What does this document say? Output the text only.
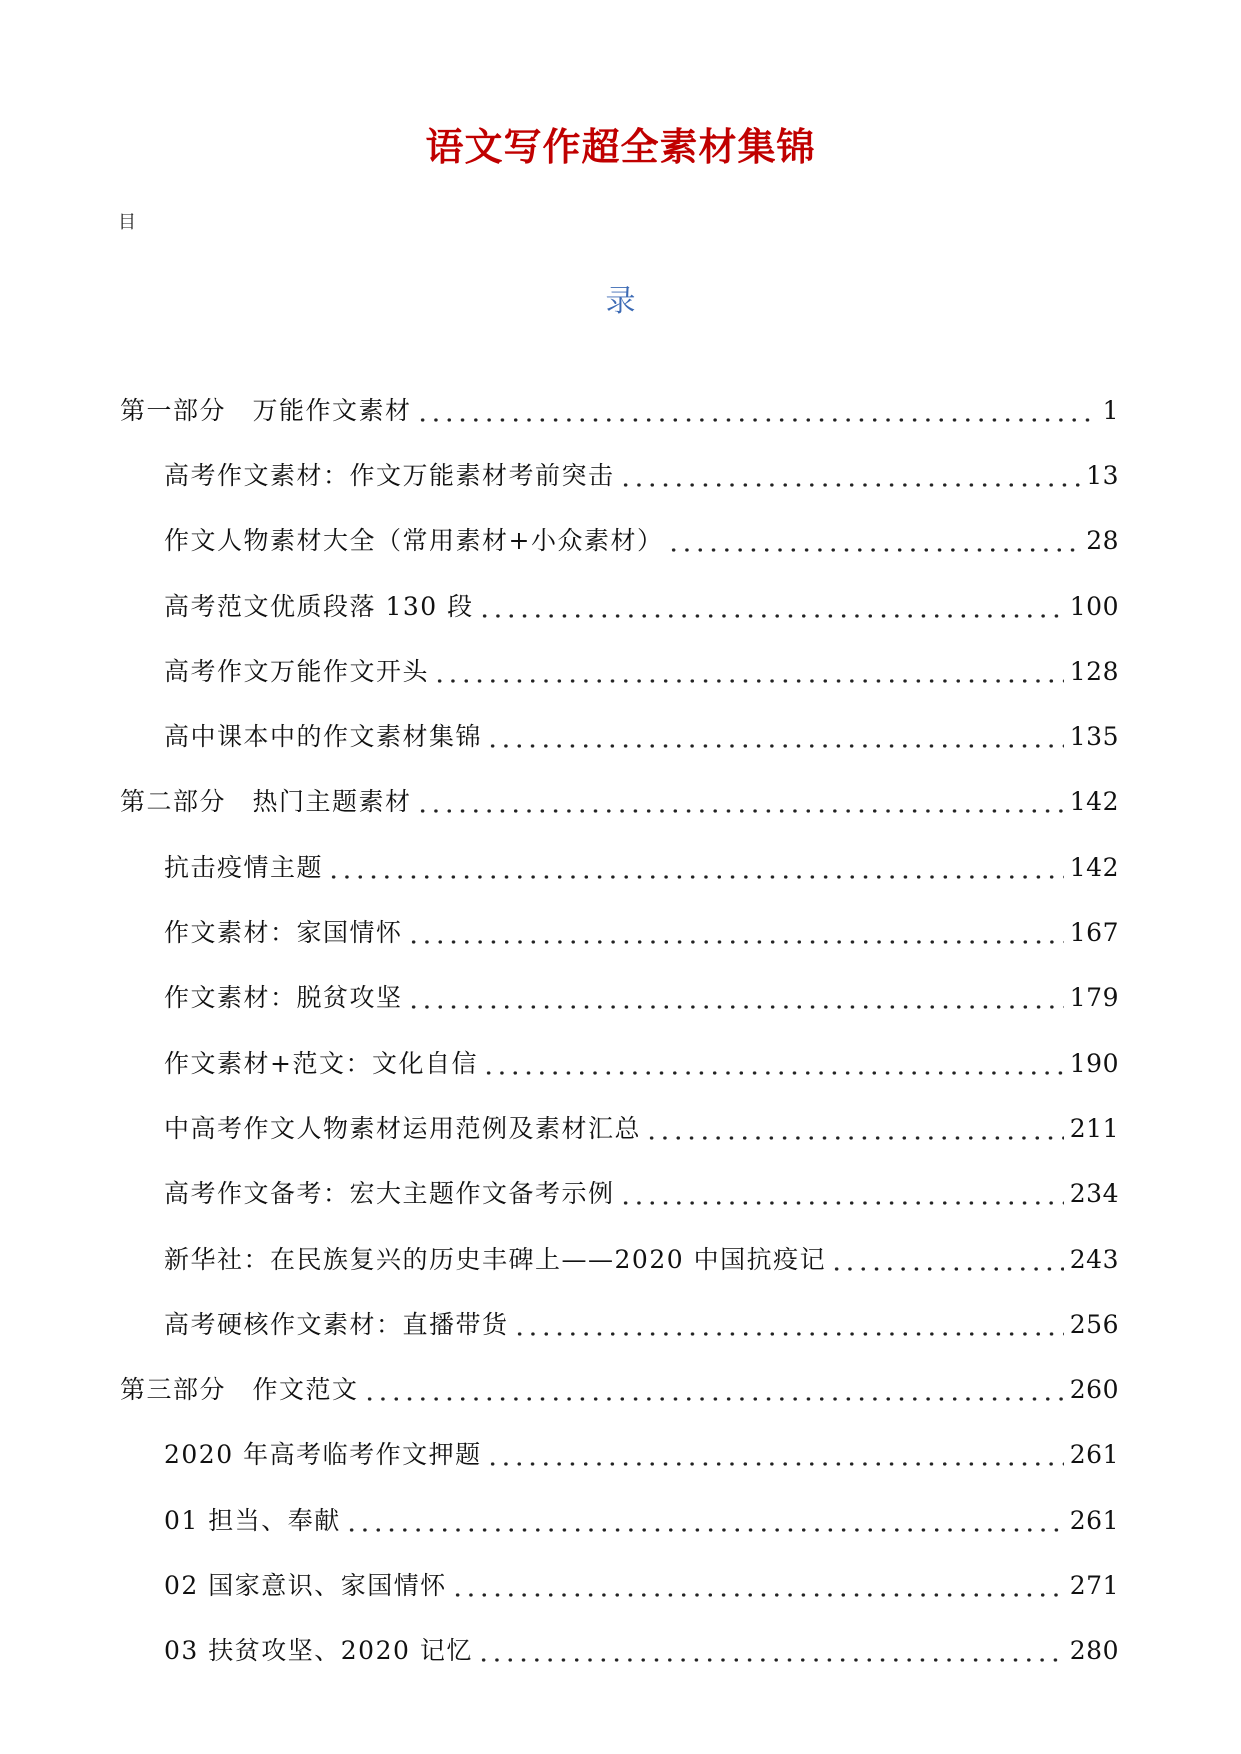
语文写作超全素材集锦
目
录
第一部分　万能作文素材	1
高考作文素材：作文万能素材考前突击	13
作文人物素材大全（常用素材+小众素材）	28
高考范文优质段落 130 段	100
高考作文万能作文开头	128
高中课本中的作文素材集锦	135
第二部分　热门主题素材	142
抗击疫情主题	142
作文素材：家国情怀	167
作文素材：脱贫攻坚	179
作文素材+范文：文化自信	190
中高考作文人物素材运用范例及素材汇总	211
高考作文备考：宏大主题作文备考示例	234
新华社：在民族复兴的历史丰碑上——2020 中国抗疫记	243
高考硬核作文素材：直播带货	256
第三部分　作文范文	260
2020 年高考临考作文押题	261
01 担当、奉献	261
02 国家意识、家国情怀	271
03 扶贫攻坚、2020 记忆	280
